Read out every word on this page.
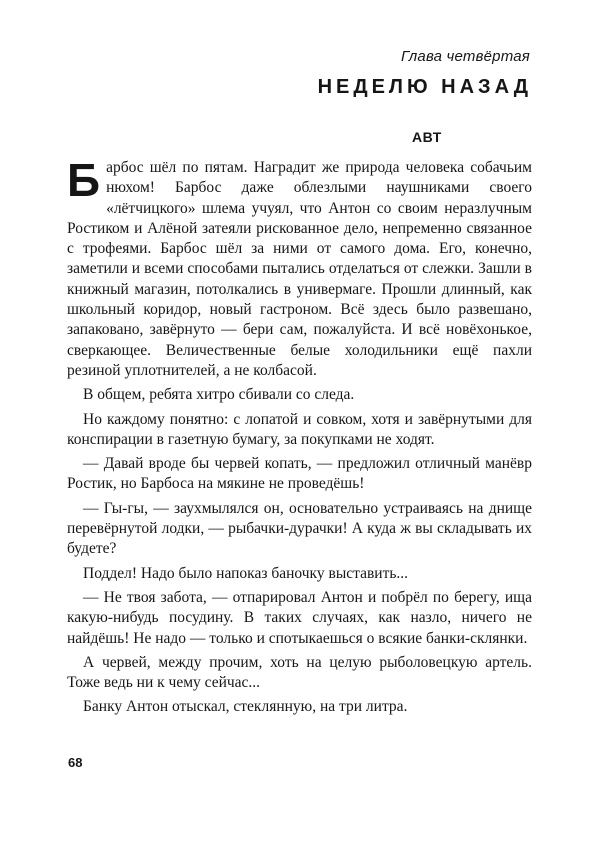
Глава четвёртая
НЕДЕЛЮ НАЗАД
АВТ

Барбос шёл по пятам. Наградит же природа человека собачьим нюхом! Барбос даже облезлыми наушниками своего «лётчицкого» шлема учуял, что Антон со своим неразлучным Ростиком и Алёной затеяли рискованное дело, непременно связанное с трофеями. Барбос шёл за ними от самого дома. Его, конечно, заметили и всеми способами пытались отделаться от слежки. Зашли в книжный магазин, потолкались в универмаге. Прошли длинный, как школьный коридор, новый гастроном. Всё здесь было развешано, запаковано, завёрнуто — бери сам, пожалуйста. И всё новёхонькое, сверкающее. Величественные белые холодильники ещё пахли резиной уплотнителей, а не колбасой.

В общем, ребята хитро сбивали со следа.

Но каждому понятно: с лопатой и совком, хотя и завёрнутыми для конспирации в газетную бумагу, за покупками не ходят.

— Давай вроде бы червей копать, — предложил отличный манёвр Ростик, но Барбоса на мякине не проведёшь!

— Гы-гы, — заухмылялся он, основательно устраиваясь на днище перевёрнутой лодки, — рыбачки-дурачки! А куда ж вы складывать их будете?

Поддел! Надо было напоказ баночку выставить...

— Не твоя забота, — отпарировал Антон и побрёл по берегу, ища какую-нибудь посудину. В таких случаях, как назло, ничего не найдёшь! Не надо — только и спотыкаешься о всякие банки-склянки.

А червей, между прочим, хоть на целую рыболовецкую артель. Тоже ведь ни к чему сейчас...

Банку Антон отыскал, стеклянную, на три литра.

68
